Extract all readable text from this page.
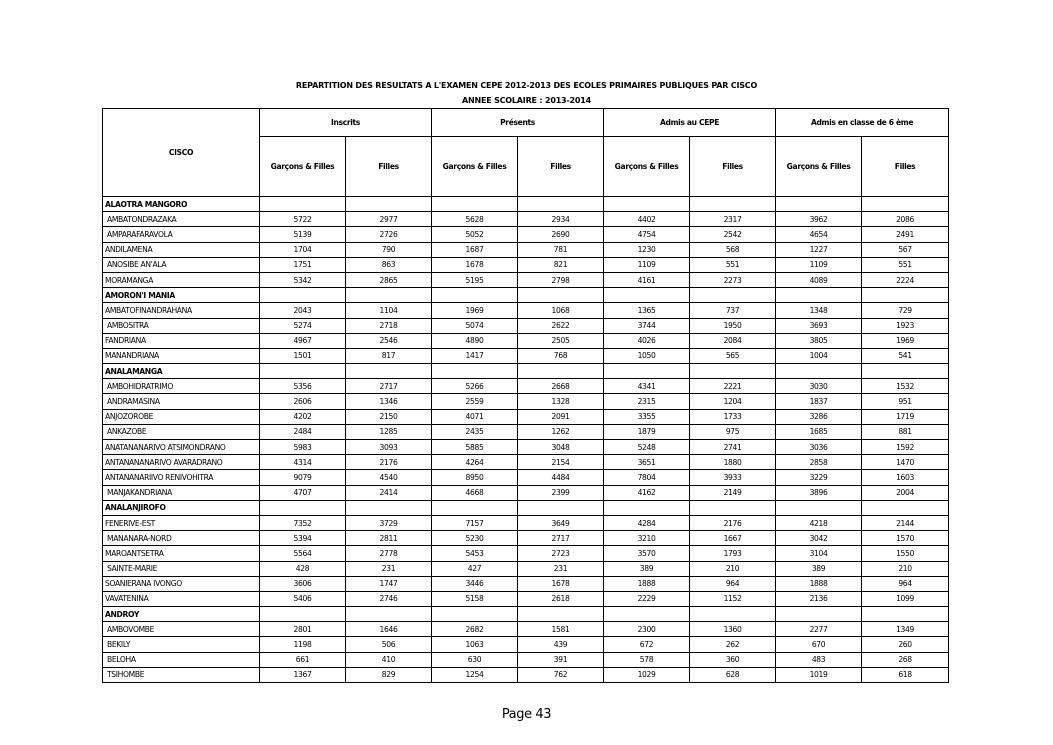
REPARTITION DES RESULTATS A L'EXAMEN CEPE 2012-2013 DES ECOLES PRIMAIRES PUBLIQUES PAR CISCO
ANNEE SCOLAIRE : 2013-2014
CISCO	Inscrits		Présents		Admis au CEPE		Admis en classe de 6 ème	
	Garçons & Filles	Filles	Garçons & Filles	Filles	Garçons & Filles	Filles	Garçons & Filles	Filles
ALAOTRA MANGORO								
AMBATONDRAZAKA	5722	2977	5628	2934	4402	2317	3962	2086
AMPARAFARAVOLA	5139	2726	5052	2690	4754	2542	4654	2491
ANDILAMENA	1704	790	1687	781	1230	568	1227	567
ANOSIBE AN'ALA	1751	863	1678	821	1109	551	1109	551
MORAMANGA	5342	2865	5195	2798	4161	2273	4089	2224
AMORON'I MANIA								
AMBATOFINANDRAHANA	2043	1104	1969	1068	1365	737	1348	729
AMBOSITRA	5274	2718	5074	2622	3744	1950	3693	1923
FANDRIANA	4967	2546	4890	2505	4026	2084	3805	1969
MANANDRIANA	1501	817	1417	768	1050	565	1004	541
ANALAMANGA								
AMBOHIDRATRIMO	5356	2717	5266	2668	4341	2221	3030	1532
ANDRAMASINA	2606	1346	2559	1328	2315	1204	1837	951
ANJOZOROBE	4202	2150	4071	2091	3355	1733	3286	1719
ANKAZOBE	2484	1285	2435	1262	1879	975	1685	881
ANATANANARIVO ATSIMONDRANO	5983	3093	5885	3048	5248	2741	3036	1592
ANTANANANARIVO AVARADRANO	4314	2176	4264	2154	3651	1880	2858	1470
ANTANANARIIVO RENIVOHITRA	9079	4540	8950	4484	7804	3933	3229	1603
MANJAKANDRIANA	4707	2414	4668	2399	4162	2149	3896	2004
ANALANJIROFO								
FENERIVE-EST	7352	3729	7157	3649	4284	2176	4218	2144
MANANARA-NORD	5394	2811	5230	2717	3210	1667	3042	1570
MAROANTSETRA	5564	2778	5453	2723	3570	1793	3104	1550
SAINTE-MARIE	428	231	427	231	389	210	389	210
SOANIERANA IVONGO	3606	1747	3446	1678	1888	964	1888	964
VAVATENINA	5406	2746	5158	2618	2229	1152	2136	1099
ANDROY								
AMBOVOMBE	2801	1646	2682	1581	2300	1360	2277	1349
BEKILY	1198	506	1063	439	672	262	670	260
BELOHA	661	410	630	391	578	360	483	268
TSIHOMBE	1367	829	1254	762	1029	628	1019	618
Page 43
